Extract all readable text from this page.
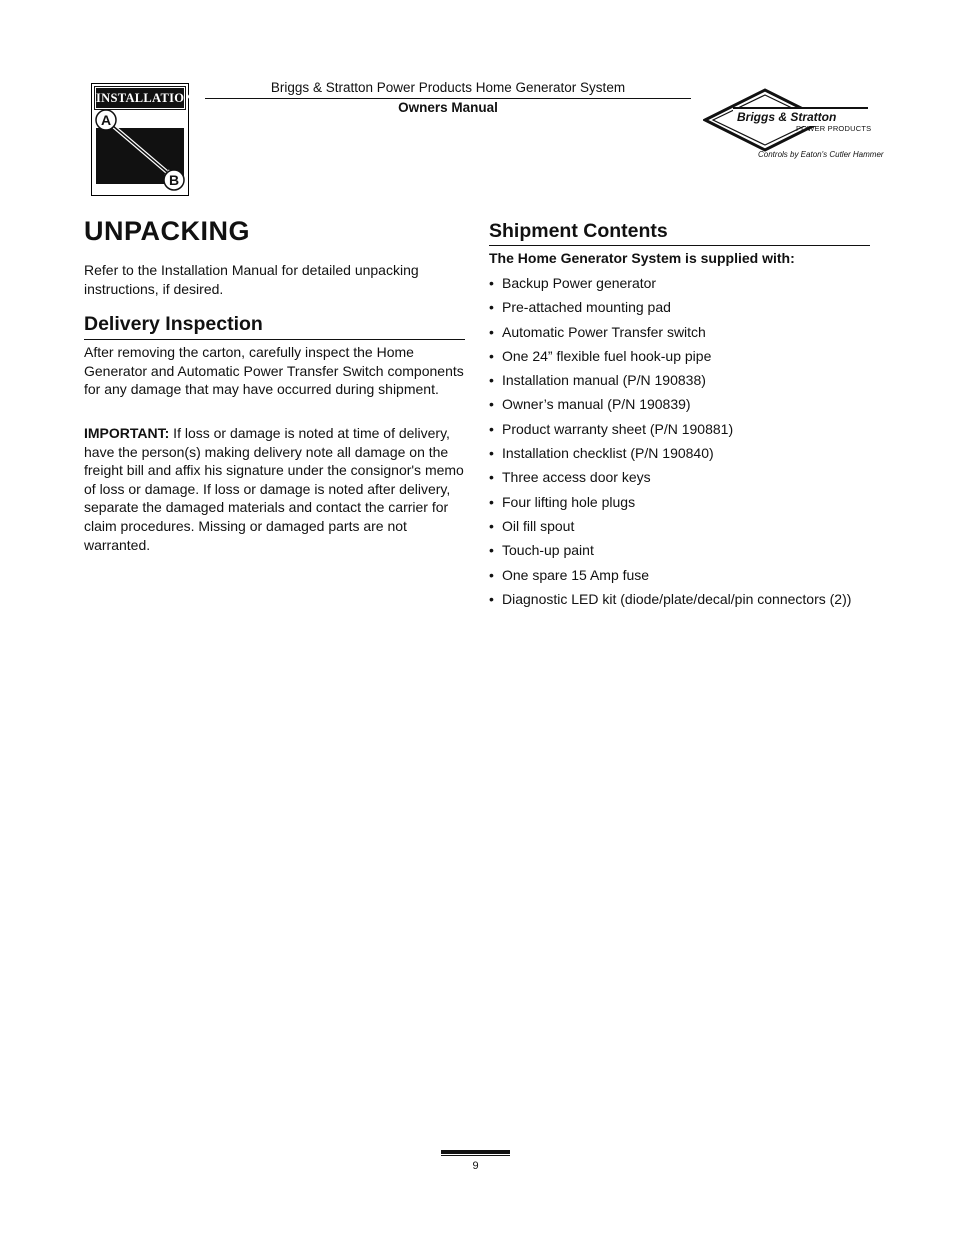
INSTALLATION
A
B
Briggs & Stratton Power Products Home Generator System
Owners Manual
Briggs & Stratton
POWER PRODUCTS
Controls by Eaton's Cutler Hammer
UNPACKING
Refer to the Installation Manual for detailed unpacking instructions, if desired.
Delivery Inspection
After removing the carton, carefully inspect the Home Generator and Automatic Power Transfer Switch components for any damage that may have occurred during shipment.
IMPORTANT: If loss or damage is noted at time of delivery, have the person(s) making delivery note all damage on the freight bill and affix his signature under the consignor's memo of loss or damage. If loss or damage is noted after delivery, separate the damaged materials and contact the carrier for claim procedures. Missing or damaged parts are not warranted.
Shipment Contents
The Home Generator System is supplied with:
• Backup Power generator
• Pre-attached mounting pad
• Automatic Power Transfer switch
• One 24” flexible fuel hook-up pipe
• Installation manual (P/N 190838)
• Owner’s manual (P/N 190839)
• Product warranty sheet (P/N 190881)
• Installation checklist (P/N 190840)
• Three access door keys
• Four lifting hole plugs
• Oil fill spout
• Touch-up paint
• One spare 15 Amp fuse
• Diagnostic LED kit (diode/plate/decal/pin connectors (2))
9
